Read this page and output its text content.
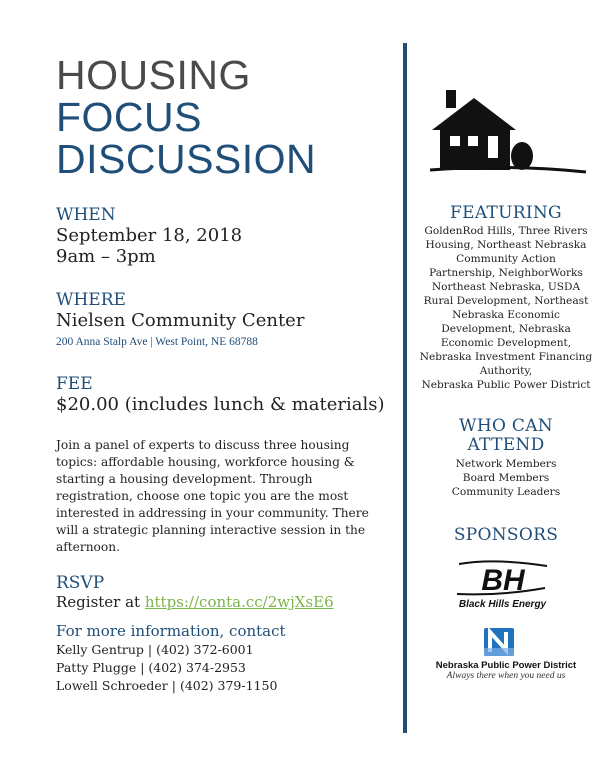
HOUSING
FOCUS
DISCUSSION
WHEN
September 18, 2018
9am – 3pm
WHERE
Nielsen Community Center
200 Anna Stalp Ave | West Point, NE 68788
FEE
$20.00 (includes lunch & materials)
Join a panel of experts to discuss three housing topics: affordable housing, workforce housing & starting a housing development. Through registration, choose one topic you are the most interested in addressing in your community. There will a strategic planning interactive session in the afternoon.
RSVP
Register at https://conta.cc/2wjXsE6
For more information, contact
Kelly Gentrup | (402) 372-6001
Patty Plugge | (402) 374-2953
Lowell Schroeder | (402) 379-1150
FEATURING
GoldenRod Hills, Three Rivers
Housing, Northeast Nebraska
Community Action
Partnership, NeighborWorks
Northeast Nebraska, USDA
Rural Development, Northeast
Nebraska Economic
Development, Nebraska
Economic Development,
Nebraska Investment Financing
Authority,
Nebraska Public Power District
WHO CAN
ATTEND
Network Members
Board Members
Community Leaders
SPONSORS
BH
Black Hills Energy
Nebraska Public Power District
Always there when you need us
